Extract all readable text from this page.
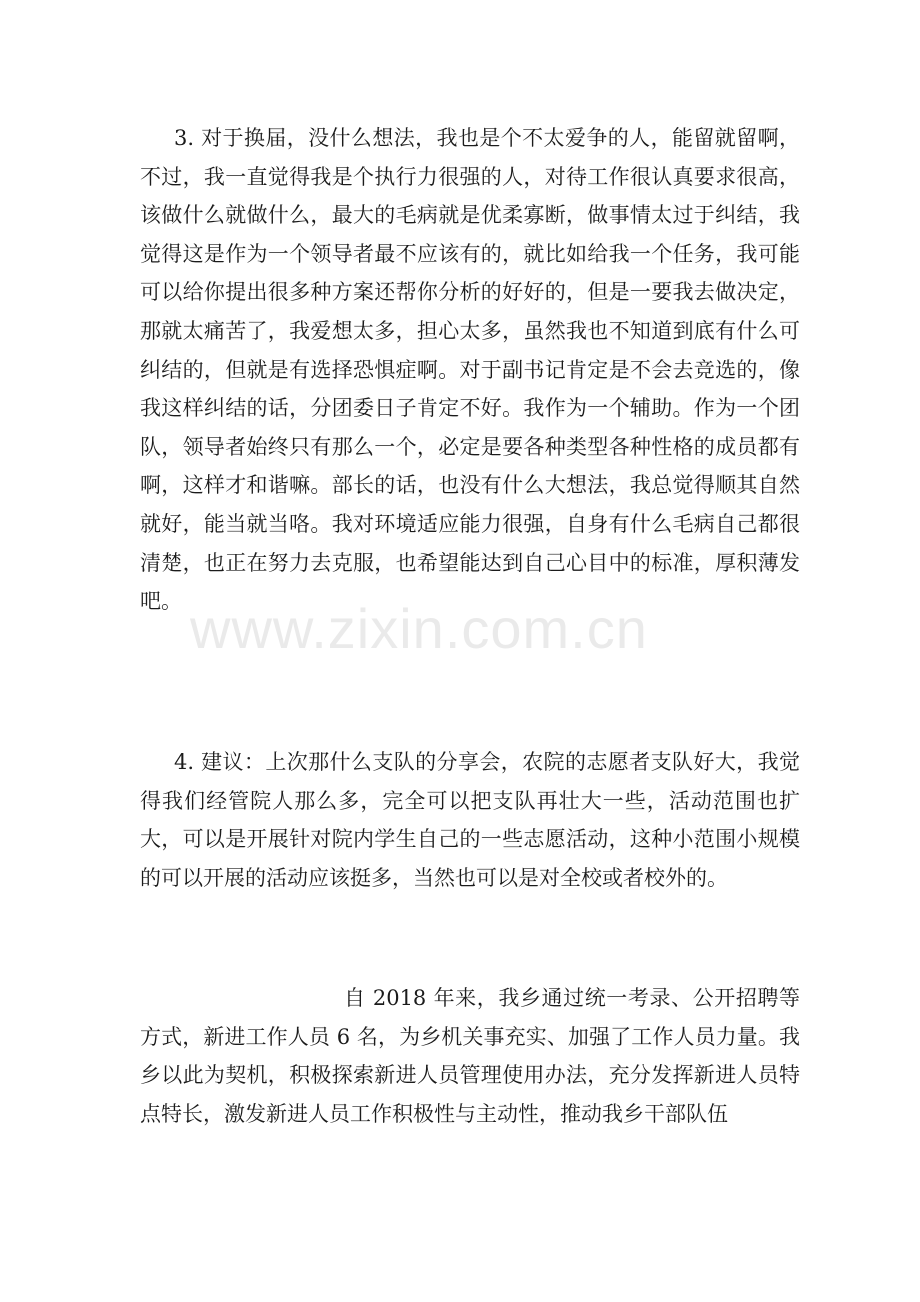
3. 对于换届，没什么想法，我也是个不太爱争的人，能留就留啊，不过，我一直觉得我是个执行力很强的人，对待工作很认真要求很高，该做什么就做什么，最大的毛病就是优柔寡断，做事情太过于纠结，我觉得这是作为一个领导者最不应该有的，就比如给我一个任务，我可能可以给你提出很多种方案还帮你分析的好好的，但是一要我去做决定，那就太痛苦了，我爱想太多，担心太多，虽然我也不知道到底有什么可纠结的，但就是有选择恐惧症啊。对于副书记肯定是不会去竞选的，像我这样纠结的话，分团委日子肯定不好。我作为一个辅助。作为一个团队，领导者始终只有那么一个，必定是要各种类型各种性格的成员都有啊，这样才和谐嘛。部长的话，也没有什么大想法，我总觉得顺其自然就好，能当就当咯。我对环境适应能力很强，自身有什么毛病自己都很清楚，也正在努力去克服，也希望能达到自己心目中的标准，厚积薄发吧。

4. 建议：上次那什么支队的分享会，农院的志愿者支队好大，我觉得我们经管院人那么多，完全可以把支队再壮大一些，活动范围也扩大，可以是开展针对院内学生自己的一些志愿活动，这种小范围小规模的可以开展的活动应该挺多，当然也可以是对全校或者校外的。

自 2018 年来，我乡通过统一考录、公开招聘等方式，新进工作人员 6 名，为乡机关事充实、加强了工作人员力量。我乡以此为契机，积极探索新进人员管理使用办法，充分发挥新进人员特点特长，激发新进人员工作积极性与主动性，推动我乡干部队伍

www.zixin.com.cn
